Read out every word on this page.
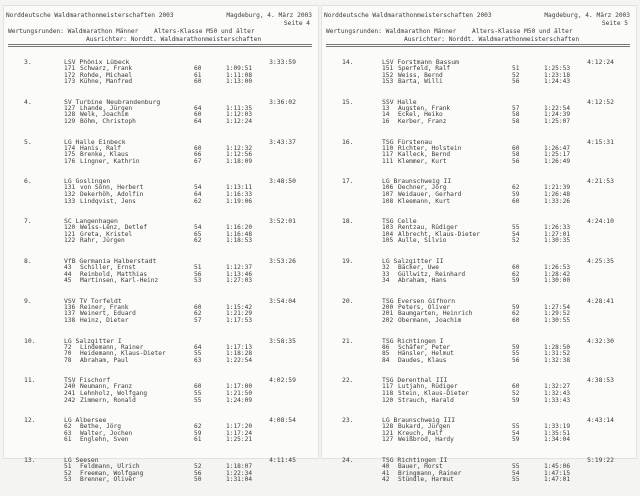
Norddeutsche Waldmarathonmeisterschaften 2003	Magdeburg, 4. März 2003
Seite 4
Wertungsrunden: Waldmarathon Männer	Alters-Klasse M50 und älter
Ausrichter: Norddt. Waldmarathonmeisterschaften
3.	LSV Phönix Lübeck	3:33:59
171 Schwarz, Frank	60	1:09:51
172 Rohde, Michael	61	1:11:08
173 Kühne, Manfred	60	1:13:00
4.	SV Turbine Neubrandenburg	3:36:02
127 Lhande, Jürgen	64	1:11:35
128 Welk, Joachim	60	1:12:03
129 Böhm, Christoph	64	1:12:24
5.	LG Halle Einbeck	3:43:37
174 Hanis, Ralf	60	1:12:32
175 Brenke, Klaus	66	1:12:56
176 Lingner, Kathrin	67	1:18:09
6.	LG Goslingen	3:48:50
131 von Sonn, Herbert	54	1:13:11
132 Dekerhöh, Adolfin	64	1:16:33
133 Lindqvist, Jens	62	1:19:06
7.	SC Langenhagen	3:52:01
120 Weiss-Lenz, Detlef	54	1:16:20
121 Greta, Kristel	65	1:16:48
122 Rahr, Jürgen	62	1:18:53
8.	VfB Germania Halberstadt	3:53:26
43 Schiller, Ernst	51	1:12:37
44 Reinbold, Matthias	56	1:13:46
45 Martinsen, Karl-Heinz	53	1:27:03
9.	VSV TV Torfeldt	3:54:04
136 Reiner, Frank	60	1:15:42
137 Weinert, Eduard	62	1:21:29
138 Heinz, Dieter	57	1:17:53
10.	LG Salzgitter I	3:58:35
72 Lindemann, Rainer	64	1:17:13
70 Heidemann, Klaus-Dieter	55	1:18:28
78 Abraham, Paul	63	1:22:54
11.	TSV Fischorf	4:02:59
240 Neumann, Franz	60	1:17:00
241 Lehnholz, Wolfgang	55	1:21:50
242 Zimmern, Ronald	55	1:24:09
12.	LG Albersee	4:08:54
62 Bethe, Jörg	62	1:17:20
63 Walter, Jochen	59	1:17:24
61 Englehn, Sven	61	1:25:21
13.	LG Seesen	4:11:45
51 Feldmann, Ulrich	52	1:18:07
52 Freeman, Wolfgang	56	1:22:34
53 Brenner, Oliver	50	1:31:04
Norddeutsche Waldmarathonmeisterschaften 2003	Magdeburg, 4. März 2003
Seite 5
Wertungsrunden: Waldmarathon Männer	Alters-Klasse M50 und älter
Ausrichter: Norddt. Waldmarathonmeisterschaften
14.	LSV Forstmann Bassum	4:12:24
151 Sperfeld, Ralf	51	1:25:53
152 Weiss, Bernd	52	1:23:18
153 Barta, Willi	56	1:24:43
15.	SSV Halle	4:12:52
13 Augsten, Frank	57	1:22:54
14 Eckel, Heiko	58	1:24:39
16 Kerber, Franz	58	1:25:07
16.	TSG Fürstenau	4:15:31
110 Richter, Holstein	60	1:26:47
117 Kalleck, Bernd	58	1:25:17
111 Klemmer, Kurt	56	1:26:49
17.	LG Braunschweig II	4:21:53
106 Dechner, Jörg	62	1:21:39
107 Weidauer, Gerhard	59	1:26:48
108 Kleemann, Kurt	60	1:33:26
18.	TSG Celle	4:24:10
103 Rentzau, Rüdiger	55	1:26:33
104 Albrecht, Klaus-Dieter	54	1:27:01
105 Aulle, Silvio	52	1:30:35
19.	LG Salzgitter II	4:25:35
32 Bäcker, Uwe	60	1:26:53
33 Güllwitz, Reinhard	62	1:28:42
34 Abraham, Hans	59	1:30:00
20.	TSG Eversen Gifhorn	4:28:41
200 Peters, Oliver	59	1:27:54
201 Baumgarten, Heinrich	62	1:29:52
202 Obermann, Joachim	60	1:30:55
21.	TSG Richtingen I	4:32:30
86 Schäfer, Peter	59	1:28:50
85 Hänsler, Helmut	55	1:31:52
84 Daudes, Klaus	56	1:32:38
22.	TSG Derenthal III	4:38:53
117 Lutjahn, Rüdiger	60	1:32:27
118 Stein, Klaus-Dieter	52	1:32:43
120 Strauch, Harald	59	1:33:43
23.	LG Braunschweig III	4:43:14
128 Bukard, Jürgen	55	1:33:19
121 Kreuch, Ralf	54	1:35:51
127 Weißbrod, Hardy	59	1:34:04
24.	TSG Richtingen II	5:19:22
40 Bauer, Horst	55	1:45:06
41 Bringmann, Rainer	54	1:47:15
42 Stündle, Harmut	55	1:47:01
